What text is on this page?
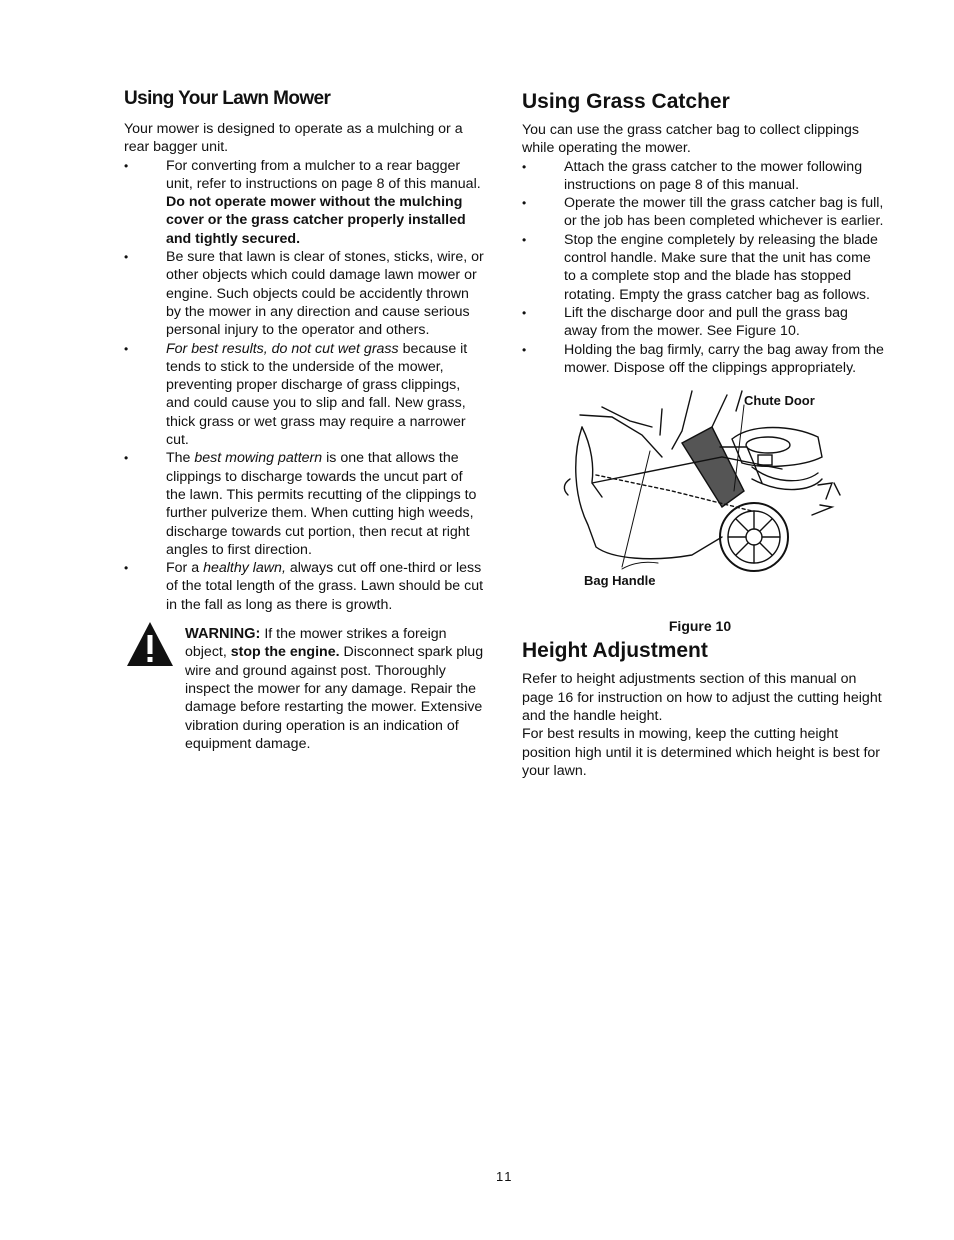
Using Your Lawn Mower

Your mower is designed to operate as a mulching or a rear bagger unit.

•	For converting from a mulcher to a rear bagger unit, refer to instructions on page 8 of this manual. Do not operate mower without the mulching cover or the grass catcher properly installed and tightly secured.
•	Be sure that lawn is clear of stones, sticks, wire, or other objects which could damage lawn mower or engine. Such objects could be accidently thrown by the mower in any direction and cause serious personal injury to the operator and others.
•	For best results, do not cut wet grass because it tends to stick to the underside of the mower, preventing proper discharge of grass clippings, and could cause you to slip and fall. New grass, thick grass or wet grass may require a narrower cut.
•	The best mowing pattern is one that allows the clippings to discharge towards the uncut part of the lawn. This permits recutting of the clippings to further pulverize them. When cutting high weeds, discharge towards cut portion, then recut at right angles to first direction.
•	For a healthy lawn, always cut off one-third or less of the total length of the grass. Lawn should be cut in the fall as long as there is growth.
WARNING: If the mower strikes a foreign object, stop the engine. Disconnect spark plug wire and ground against post. Thoroughly inspect the mower for any damage. Repair the damage before restarting the mower. Extensive vibration during operation is an indication of equipment damage.
Using Grass Catcher

You can use the grass catcher bag to collect clippings while operating the mower.

•	Attach the grass catcher to the mower following instructions on page 8 of this manual.
•	Operate the mower till the grass catcher bag is full, or the job has been completed whichever is earlier.
•	Stop the engine completely by releasing the blade control handle. Make sure that the unit has come to a complete stop and the blade has stopped rotating. Empty the grass catcher bag as follows.
•	Lift the discharge door and pull the grass bag away from the mower. See Figure 10.
•	Holding the bag firmly, carry the bag away from the mower. Dispose off the clippings appropriately.
Chute Door
Bag Handle

Figure 10

Height Adjustment

Refer to height adjustments section of this manual on page 16 for instruction on how to adjust the cutting height and the handle height.

For best results in mowing, keep the cutting height position high until it is determined which height is best for your lawn.

11
